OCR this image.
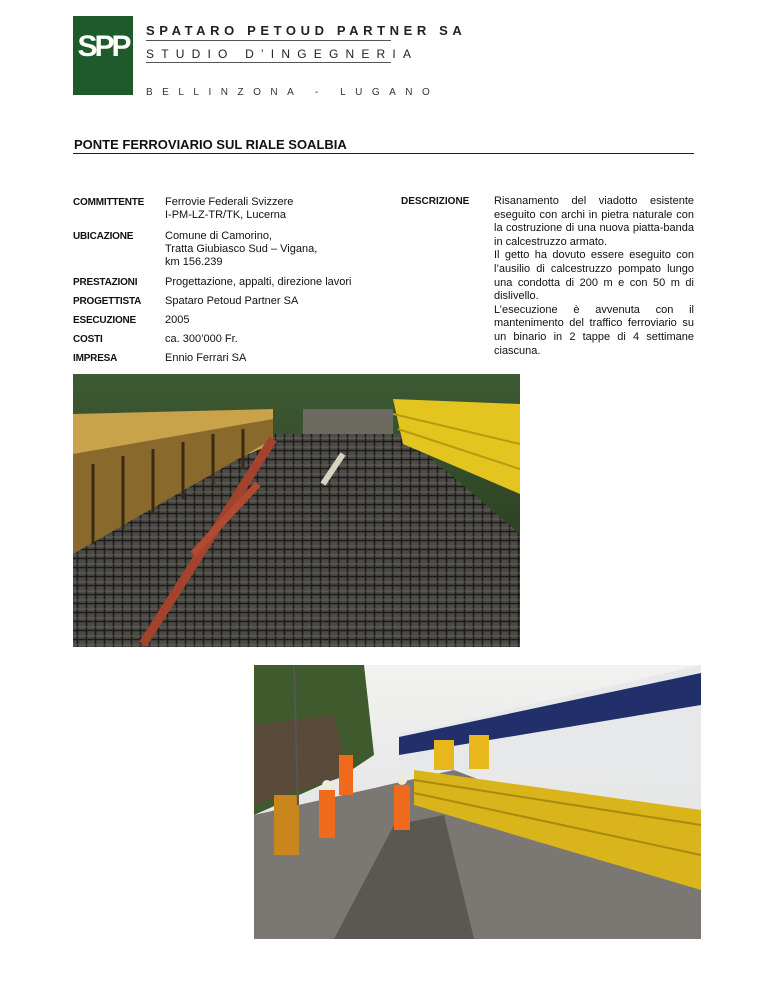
SPP	SPATARO PETOUD PARTNER SA
STUDIO D’INGEGNERIA
BELLINZONA - LUGANO
PONTE FERROVIARIO SUL RIALE SOALBIA
COMMITTENTE	Ferrovie Federali Svizzere
I-PM-LZ-TR/TK, Lucerna
UBICAZIONE	Comune di Camorino,
Tratta Giubiasco Sud – Vigana,
km 156.239
PRESTAZIONI	Progettazione, appalti, direzione lavori
PROGETTISTA	Spataro Petoud Partner SA
ESECUZIONE	2005
COSTI	ca. 300’000 Fr.
IMPRESA	Ennio Ferrari SA
DESCRIZIONE Risanamento del viadotto esistente eseguito con archi in pietra naturale con la costruzione di una nuova piatta-banda in calcestruzzo armato.
Il getto ha dovuto essere eseguito con l’ausilio di calcestruzzo pompato lungo una condotta di 200 m e con 50 m di dislivello.
L’esecuzione è avvenuta con il mantenimento del traffico ferroviario su un binario in 2 tappe di 4 settimane ciascuna.
